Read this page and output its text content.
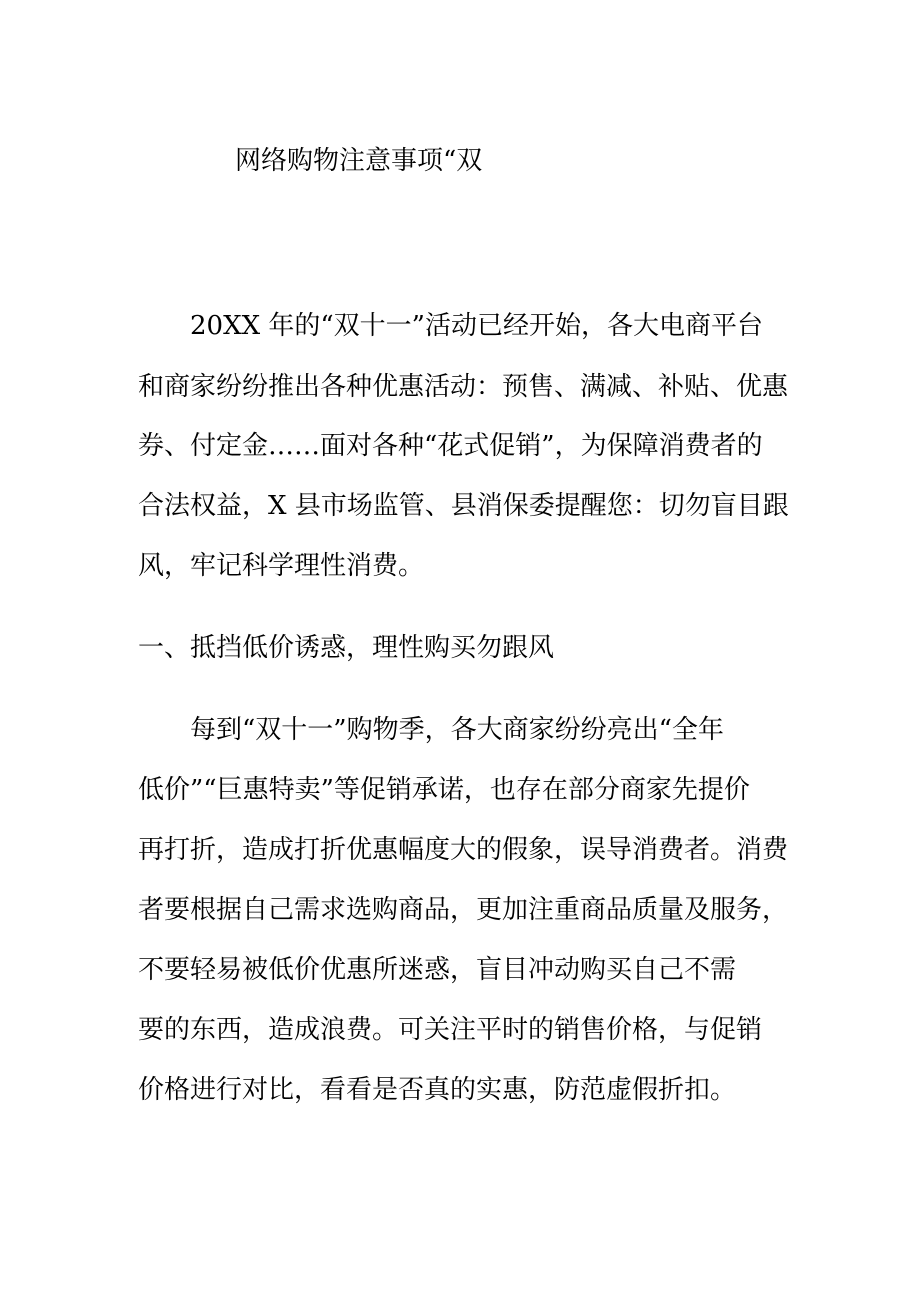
网络购物注意事项“双

20XX 年的“双十一”活动已经开始，各大电商平台

和商家纷纷推出各种优惠活动：预售、满减、补贴、优惠

券、付定金……面对各种“花式促销”，为保障消费者的

合法权益，X 县市场监管、县消保委提醒您：切勿盲目跟

风，牢记科学理性消费。

一、抵挡低价诱惑，理性购买勿跟风

每到“双十一”购物季，各大商家纷纷亮出“全年

低价”“巨惠特卖”等促销承诺，也存在部分商家先提价

再打折，造成打折优惠幅度大的假象，误导消费者。消费

者要根据自己需求选购商品，更加注重商品质量及服务，

不要轻易被低价优惠所迷惑，盲目冲动购买自己不需

要的东西，造成浪费。可关注平时的销售价格，与促销

价格进行对比，看看是否真的实惠，防范虚假折扣。
